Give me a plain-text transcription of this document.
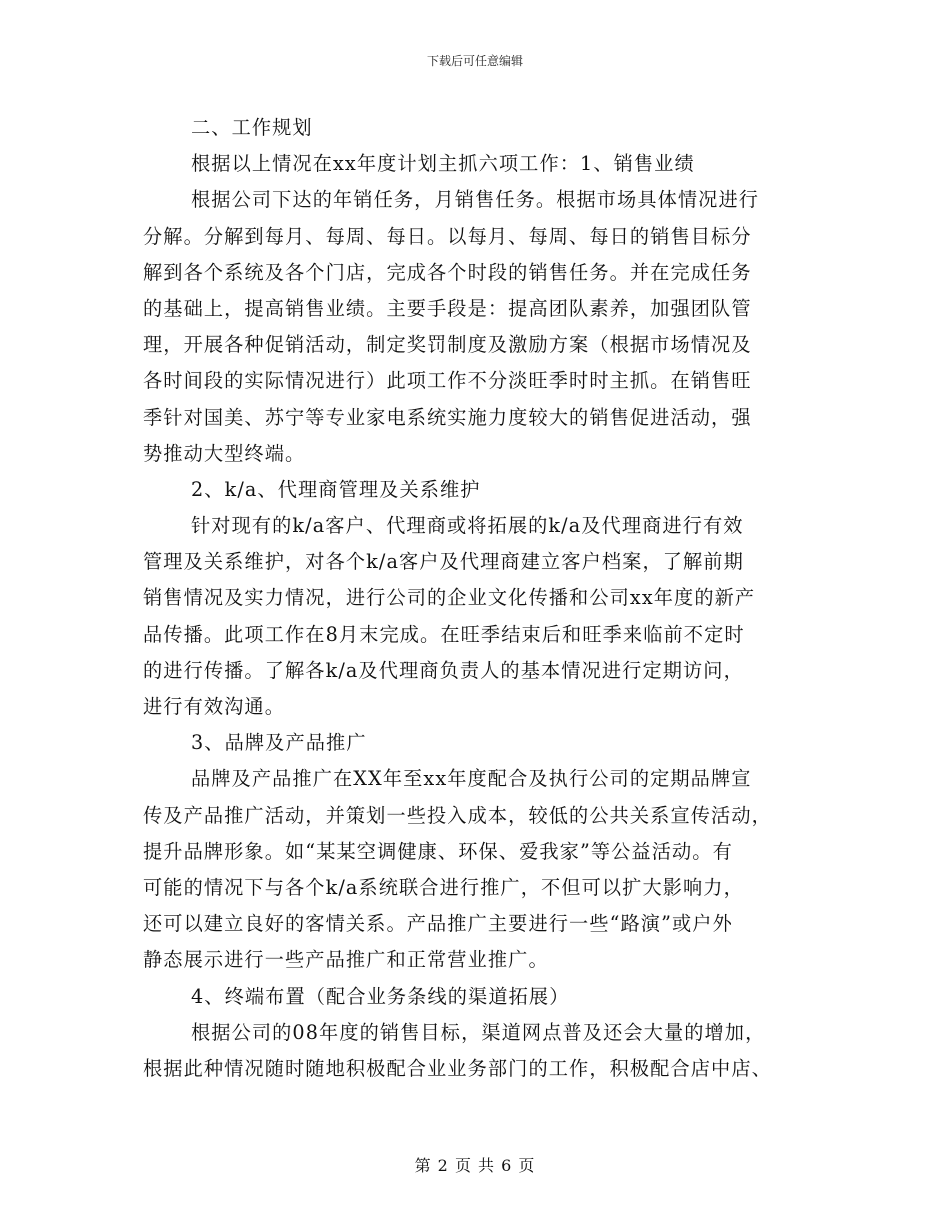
下载后可任意编辑
二、工作规划
根据以上情况在xx年度计划主抓六项工作：1、销售业绩
根据公司下达的年销任务，月销售任务。根据市场具体情况进行
分解。分解到每月、每周、每日。以每月、每周、每日的销售目标分
解到各个系统及各个门店，完成各个时段的销售任务。并在完成任务
的基础上，提高销售业绩。主要手段是：提高团队素养，加强团队管
理，开展各种促销活动，制定奖罚制度及激励方案（根据市场情况及
各时间段的实际情况进行）此项工作不分淡旺季时时主抓。在销售旺
季针对国美、苏宁等专业家电系统实施力度较大的销售促进活动，强
势推动大型终端。
2、k/a、代理商管理及关系维护
针对现有的k/a客户、代理商或将拓展的k/a及代理商进行有效
管理及关系维护，对各个k/a客户及代理商建立客户档案，了解前期
销售情况及实力情况，进行公司的企业文化传播和公司xx年度的新产
品传播。此项工作在8月末完成。在旺季结束后和旺季来临前不定时
的进行传播。了解各k/a及代理商负责人的基本情况进行定期访问，
进行有效沟通。
3、品牌及产品推广
品牌及产品推广在XX年至xx年度配合及执行公司的定期品牌宣
传及产品推广活动，并策划一些投入成本，较低的公共关系宣传活动，
提升品牌形象。如“某某空调健康、环保、爱我家”等公益活动。有
可能的情况下与各个k/a系统联合进行推广，不但可以扩大影响力，
还可以建立良好的客情关系。产品推广主要进行一些“路演”或户外
静态展示进行一些产品推广和正常营业推广。
4、终端布置（配合业务条线的渠道拓展）
根据公司的08年度的销售目标，渠道网点普及还会大量的增加，
根据此种情况随时随地积极配合业业务部门的工作，积极配合店中店、
第 2 页 共 6 页
